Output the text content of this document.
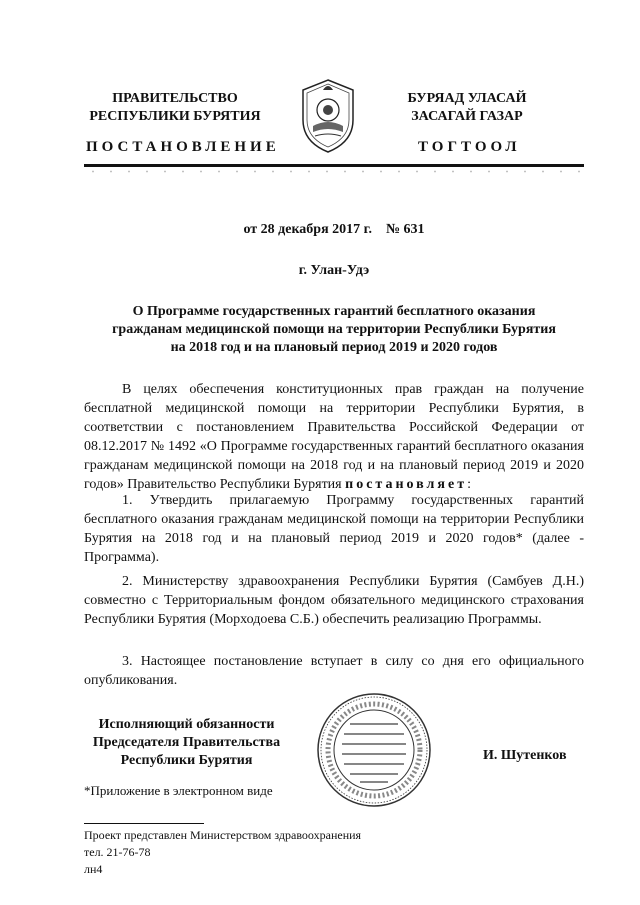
ПРАВИТЕЛЬСТВО
РЕСПУБЛИКИ БУРЯТИЯ
БУРЯАД УЛАСАЙ
ЗАСАГАЙ ГАЗАР
ПОСТАНОВЛЕНИЕ	ТОГТООЛ
от 28 декабря 2017 г.    № 631
г. Улан-Удэ
О Программе государственных гарантий бесплатного оказания
гражданам медицинской помощи на территории Республики Бурятия
на 2018 год и на плановый период 2019 и 2020 годов
В целях обеспечения конституционных прав граждан на получение бесплатной медицинской помощи на территории Республики Бурятия, в соответствии с постановлением Правительства Российской Федерации от 08.12.2017 № 1492 «О Программе государственных гарантий бесплатного оказания гражданам медицинской помощи на 2018 год и на плановый период 2019 и 2020 годов» Правительство Республики Бурятия постановляет:
1. Утвердить прилагаемую Программу государственных гарантий бесплатного оказания гражданам медицинской помощи на территории Республики Бурятия на 2018 год и на плановый период 2019 и 2020 годов* (далее - Программа).
2. Министерству здравоохранения Республики Бурятия (Самбуев Д.Н.) совместно с Территориальным фондом обязательного медицинского страхования Республики Бурятия (Морходоева С.Б.) обеспечить реализацию Программы.
3. Настоящее постановление вступает в силу со дня его официального опубликования.
Исполняющий обязанности
Председателя Правительства
Республики Бурятия	И. Шутенков
*Приложение в электронном виде
Проект представлен Министерством здравоохранения
тел. 21-76-78
лн4
